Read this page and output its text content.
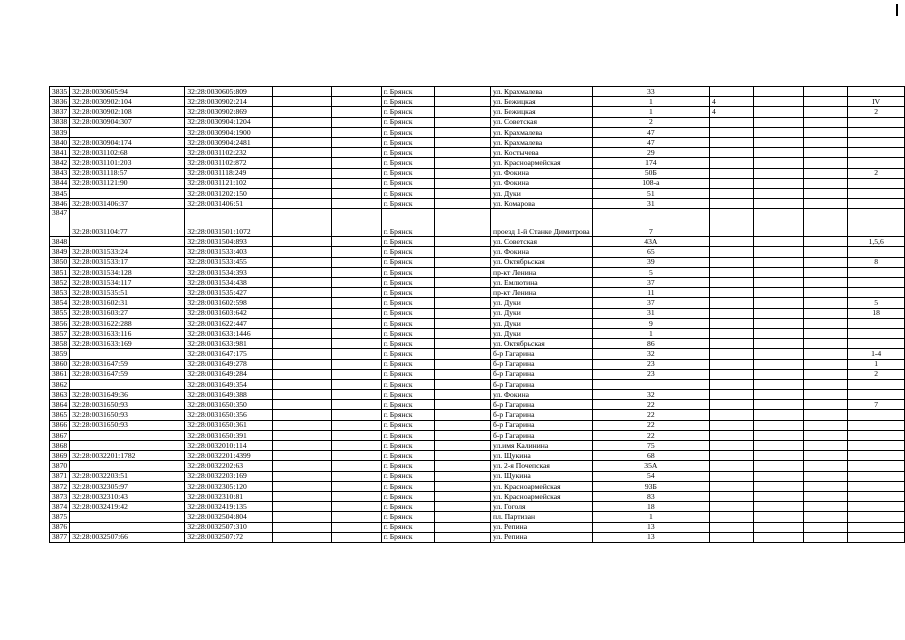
3835	32:28:0030605:94	32:28:0030605:809			г. Брянск		ул. Крахмалева	33				
3836	32:28:0030902:104	32:28:0030902:214			г. Брянск		ул. Бежицкая	1	4			IV
3837	32:28:0030902:108	32:28:0030902:869			г. Брянск		ул. Бежицкая	1	4			2
3838	32:28:0030904:307	32:28:0030904:1204			г. Брянск		ул. Советская	2				
3839		32:28:0030904:1900			г. Брянск		ул. Крахмалева	47				
3840	32:28:0030904:174	32:28:0030904:2481			г. Брянск		ул. Крахмалева	47				
3841	32:28:0031102:68	32:28:0031102:232			г. Брянск		ул. Костычева	29				
3842	32:28:0031101:203	32:28:0031102:872			г. Брянск		ул. Красноармейская	174				
3843	32:28:0031118:57	32:28:0031118:249			г. Брянск		ул. Фокина	50Б				2
3844	32:28:0031121:90	32:28:0031121:102			г. Брянск		ул. Фокина	108-а				
3845		32:28:0031202:150			г. Брянск		ул. Дуки	51				
3846	32:28:0031406:37	32:28:0031406:51			г. Брянск		ул. Комарова	31				
3847	32:28:0031104:77	32:28:0031501:1072			г. Брянск		проезд 1-й Станке Димитрова	7				
3848		32:28:0031504:893			г. Брянск		ул. Советская	43А				1,5,6
3849	32:28:0031533:24	32:28:0031533:403			г. Брянск		ул. Фокина	65				
3850	32:28:0031533:17	32:28:0031533:455			г. Брянск		ул. Октябрьская	39				8
3851	32:28:0031534:128	32:28:0031534:393			г. Брянск		пр-кт Ленина	5				
3852	32:28:0031534:117	32:28:0031534:438			г. Брянск		ул. Емлютина	37				
3853	32:28:0031535:51	32:28:0031535:427			г. Брянск		пр-кт Ленина	11				
3854	32:28:0031602:31	32:28:0031602:598			г. Брянск		ул. Дуки	37				5
3855	32:28:0031603:27	32:28:0031603:642			г. Брянск		ул. Дуки	31				18
3856	32:28:0031622:288	32:28:0031622:447			г. Брянск		ул. Дуки	9				
3857	32:28:0031633:116	32:28:0031633:1446			г. Брянск		ул. Дуки	1				
3858	32:28:0031633:169	32:28:0031633:981			г. Брянск		ул. Октябрьская	86				
3859		32:28:0031647:175			г. Брянск		б-р Гагарина	32				1-4
3860	32:28:0031647:59	32:28:0031649:278			г. Брянск		б-р Гагарина	23				1
3861	32:28:0031647:59	32:28:0031649:284			г. Брянск		б-р Гагарина	23				2
3862		32:28:0031649:354			г. Брянск		б-р Гагарина					
3863	32:28:0031649:36	32:28:0031649:388			г. Брянск		ул. Фокина	32				
3864	32:28:0031650:93	32:28:0031650:350			г. Брянск		б-р Гагарина	22				7
3865	32:28:0031650:93	32:28:0031650:356			г. Брянск		б-р Гагарина	22				
3866	32:28:0031650:93	32:28:0031650:361			г. Брянск		б-р Гагарина	22				
3867		32:28:0031650:391			г. Брянск		б-р Гагарина	22				
3868		32:28:0032010:114			г. Брянск		ул.имя Калинина	75				
3869	32:28:0032201:1782	32:28:0032201:4399			г. Брянск		ул. Щукина	68				
3870		32:28:0032202:63			г. Брянск		ул. 2-я Почепская	35А				
3871	32:28:0032203:51	32:28:0032203:169			г. Брянск		ул. Щукина	54				
3872	32:28:0032305:97	32:28:0032305:120			г. Брянск		ул. Красноармейская	93Б				
3873	32:28:0032310:43	32:28:0032310:81			г. Брянск		ул. Красноармейская	83				
3874	32:28:0032419:42	32:28:0032419:135			г. Брянск		ул. Гоголя	18				
3875		32:28:0032504:804			г. Брянск		пл. Партизан	1				
3876		32:28:0032507:310			г. Брянск		ул. Репина	13				
3877	32:28:0032507:66	32:28:0032507:72			г. Брянск		ул. Репина	13				
